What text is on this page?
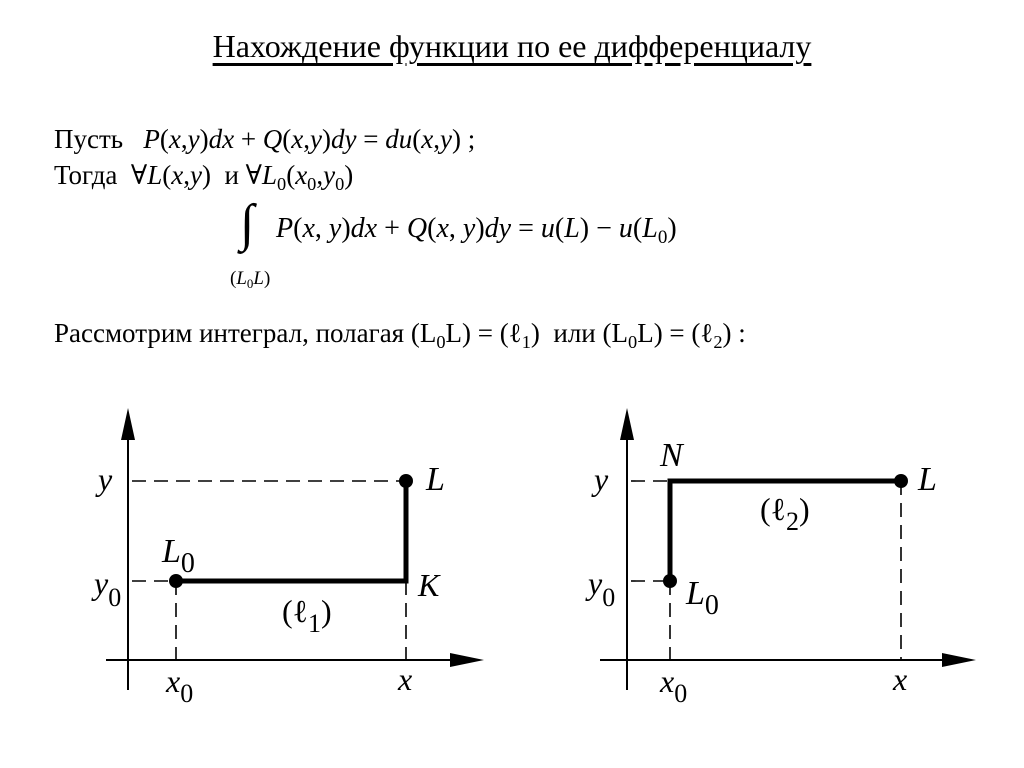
Нахождение функции по ее дифференциалу
Пусть P(x,y)dx + Q(x,y)dy = du(x,y) ;
Тогда ∀L(x,y)  и $\forall L_0(x_0,y_0)$
∫
$(L_0L)$
P(x, y)dx + Q(x, $y)dy = u(L) - u(L_0)$
Рассмотрим интеграл, полагая $(L_0L)$ = (ℓ$_1$)  или $(L_0L)$ = (ℓ$_2$) :
y
$y_0$
$x_0$	x
$L_0$
L
K
(ℓ$_1$)
y
$y_0$
$x_0$	x
N
L
$L_0$
(ℓ$_2$)
